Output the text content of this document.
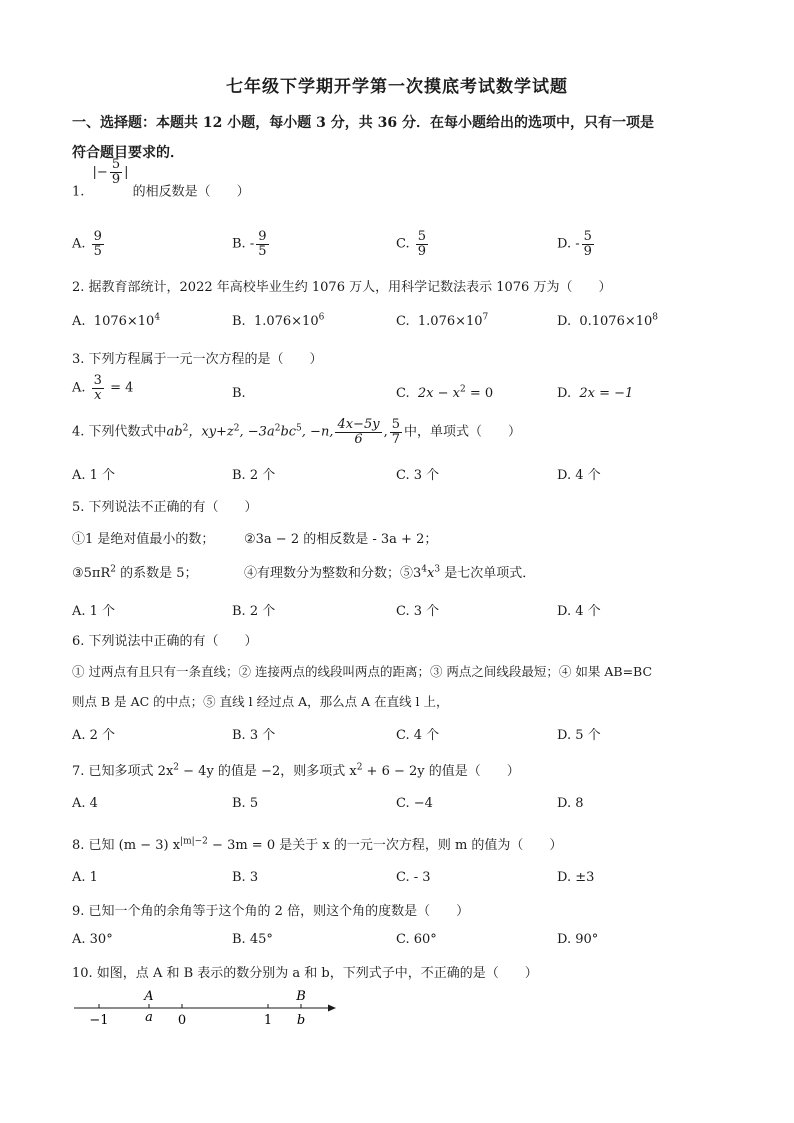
七年级下学期开学第一次摸底考试数学试题
一、选择题：本题共 12 小题，每小题 3 分，共 36 分．在每小题给出的选项中，只有一项是
符合题目要求的．
1. |− $\frac{5}{9}$ | 的相反数是（　　）
A. $\frac{9}{5}$	B. - $\frac{9}{5}$	C. $\frac{5}{9}$	D. - $\frac{5}{9}$
2. 据教育部统计，2022 年高校毕业生约 1076 万人，用科学记数法表示 1076 万为（　　）
A. $1076\times 10^4$	B. $1.076\times 10^6$	C. $1.076\times 10^7$	D. $0.1076\times 10^8$
3. 下列方程属于一元一次方程的是（　　）
A. $\frac{3}{x} = 4$	B.	C. $2x - x^2 = 0$	D. 2x = −1
4. 下列代数式中$ab^2$，$xy+z^2$, $-3a^2bc^5$, −n, $\frac{4x-5y}{6}$ , $\frac{5}{7}$ 中，单项式（　　）
A. 1 个	B. 2 个	C. 3 个	D. 4 个
5. 下列说法不正确的有（　　）
①1 是绝对值最小的数； ②3a − 2 的相反数是 - 3a + 2；
$③5\pi R^2$ 的系数是 5；	④有理数分为整数和分数；$⑤3^4x^3$ 是七次单项式．
A. 1 个	B. 2 个	C. 3 个	D. 4 个
6. 下列说法中正确的有（　　）
① 过两点有且只有一条直线；② 连接两点的线段叫两点的距离；③ 两点之间线段最短；④ 如果 AB=BC
则点 B 是 AC 的中点；⑤ 直线 l 经过点 A，那么点 A 在直线 l 上，
A. 2 个	B. 3 个	C. 4 个	D. 5 个
7. 已知多项式 $2x^2 - 4y$ 的值是 −2，则多项式 $x^2 + 6 - 2y$ 的值是（　　）
A. 4	B. 5	C. −4	D. 8
8. 已知 (m − 3) $x^{|m|-2} - 3m = 0$ 是关于 x 的一元一次方程，则 m 的值为（　　）
A. 1	B. 3	C. - 3	D. ±3
9. 已知一个角的余角等于这个角的 2 倍，则这个角的度数是（　　）
A. 30°	B. 45°	C. 60°	D. 90°
10. 如图，点 A 和 B 表示的数分别为 a 和 b，下列式子中，不正确的是（　　）
A	B
−1	a 0	1 b
